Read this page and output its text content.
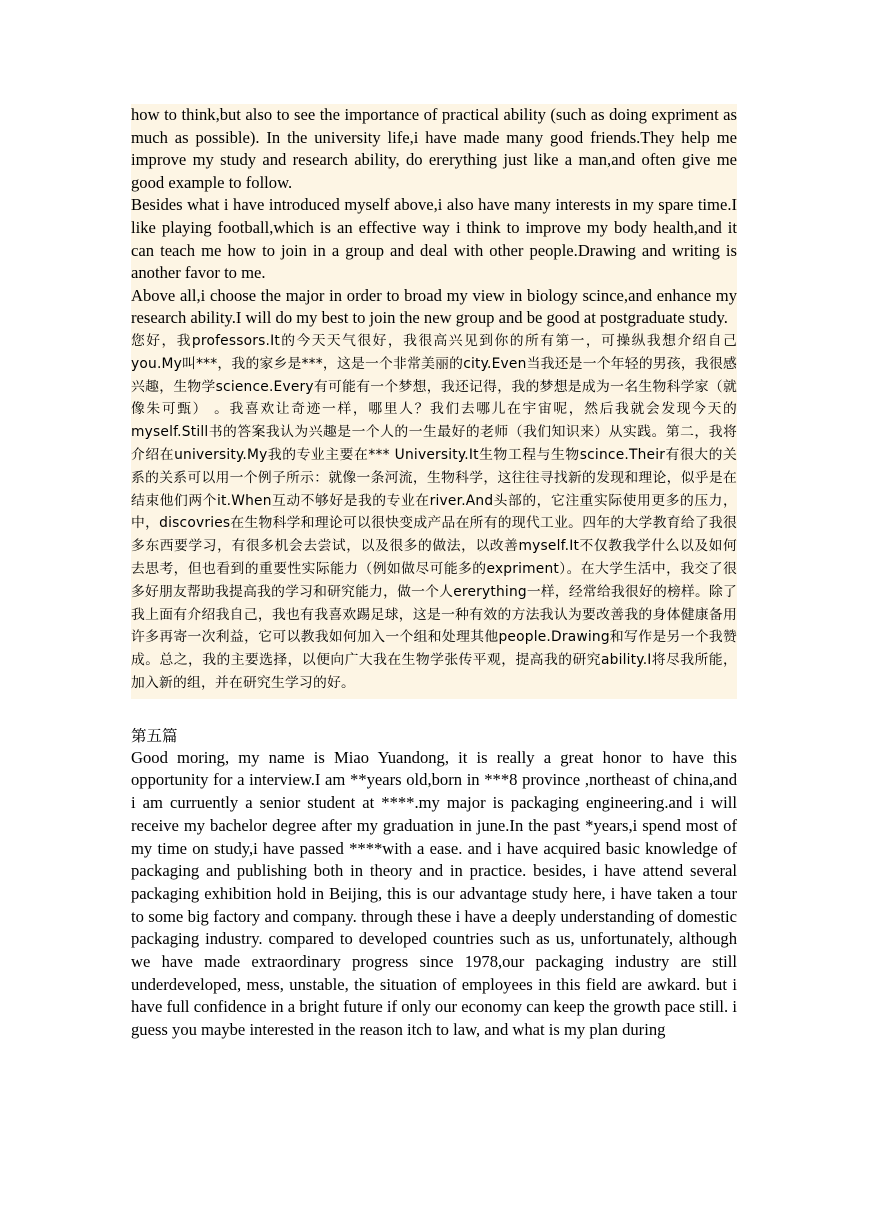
how to think,but also to see the importance of practical ability (such as doing expriment as much as possible). In the university life,i have made many good friends.They help me improve my study and research ability, do ererything just like a man,and often give me good example to follow.

Besides what i have introduced myself above,i also have many interests in my spare time.I like playing football,which is an effective way i think to improve my body health,and it can teach me how to join in a group and deal with other people.Drawing and writing is another favor to me.

Above all,i choose the major in order to broad my view in biology scince,and enhance my research ability.I will do my best to join the new group and be good at postgraduate study.

您好，我professors.It的今天天气很好，我很高兴见到你的所有第一，可操纵我想介绍自己you.My叫***，我的家乡是***，这是一个非常美丽的city.Even当我还是一个年轻的男孩，我很感兴趣，生物学science.Every有可能有一个梦想，我还记得，我的梦想是成为一名生物科学家（就像朱可甄） 。我喜欢让奇迹一样，哪里人？我们去哪儿在宇宙呢，然后我就会发现今天的myself.Still书的答案我认为兴趣是一个人的一生最好的老师（我们知识来）从实践。第二，我将介绍在university.My我的专业主要在*** University.It生物工程与生物scince.Their有很大的关系的关系可以用一个例子所示：就像一条河流，生物科学，这往往寻找新的发现和理论，似乎是在结束他们两个it.When互动不够好是我的专业在river.And头部的，它注重实际使用更多的压力，中，discovries在生物科学和理论可以很快变成产品在所有的现代工业。四年的大学教育给了我很多东西要学习，有很多机会去尝试，以及很多的做法，以改善myself.It不仅教我学什么以及如何去思考，但也看到的重要性实际能力（例如做尽可能多的expriment）。在大学生活中，我交了很多好朋友帮助我提高我的学习和研究能力，做一个人ererything一样，经常给我很好的榜样。除了我上面有介绍我自己，我也有我喜欢踢足球，这是一种有效的方法我认为要改善我的身体健康备用许多再寄一次利益，它可以教我如何加入一个组和处理其他people.Drawing和写作是另一个我赞成。总之，我的主要选择，以便向广大我在生物学张传平观，提高我的研究ability.I将尽我所能，加入新的组，并在研究生学习的好。

第五篇

Good moring, my name is Miao Yuandong, it is really a great honor to have this opportunity for a interview.I am **years old,born in ***8 province ,northeast of china,and i am curruently a senior student at ****.my major is packaging engineering.and i will receive my bachelor degree after my graduation in june.In the past *years,i spend most of my time on study,i have passed ****with a ease. and i have acquired basic knowledge of packaging and publishing both in theory and in practice. besides, i have attend several packaging exhibition hold in Beijing, this is our advantage study here, i have taken a tour to some big factory and company. through these i have a deeply understanding of domestic packaging industry. compared to developed countries such as us, unfortunately, although we have made extraordinary progress since 1978,our packaging industry are still underdeveloped, mess, unstable, the situation of employees in this field are awkard. but i have full confidence in a bright future if only our economy can keep the growth pace still. i guess you maybe interested in the reason itch to law, and what is my plan during
